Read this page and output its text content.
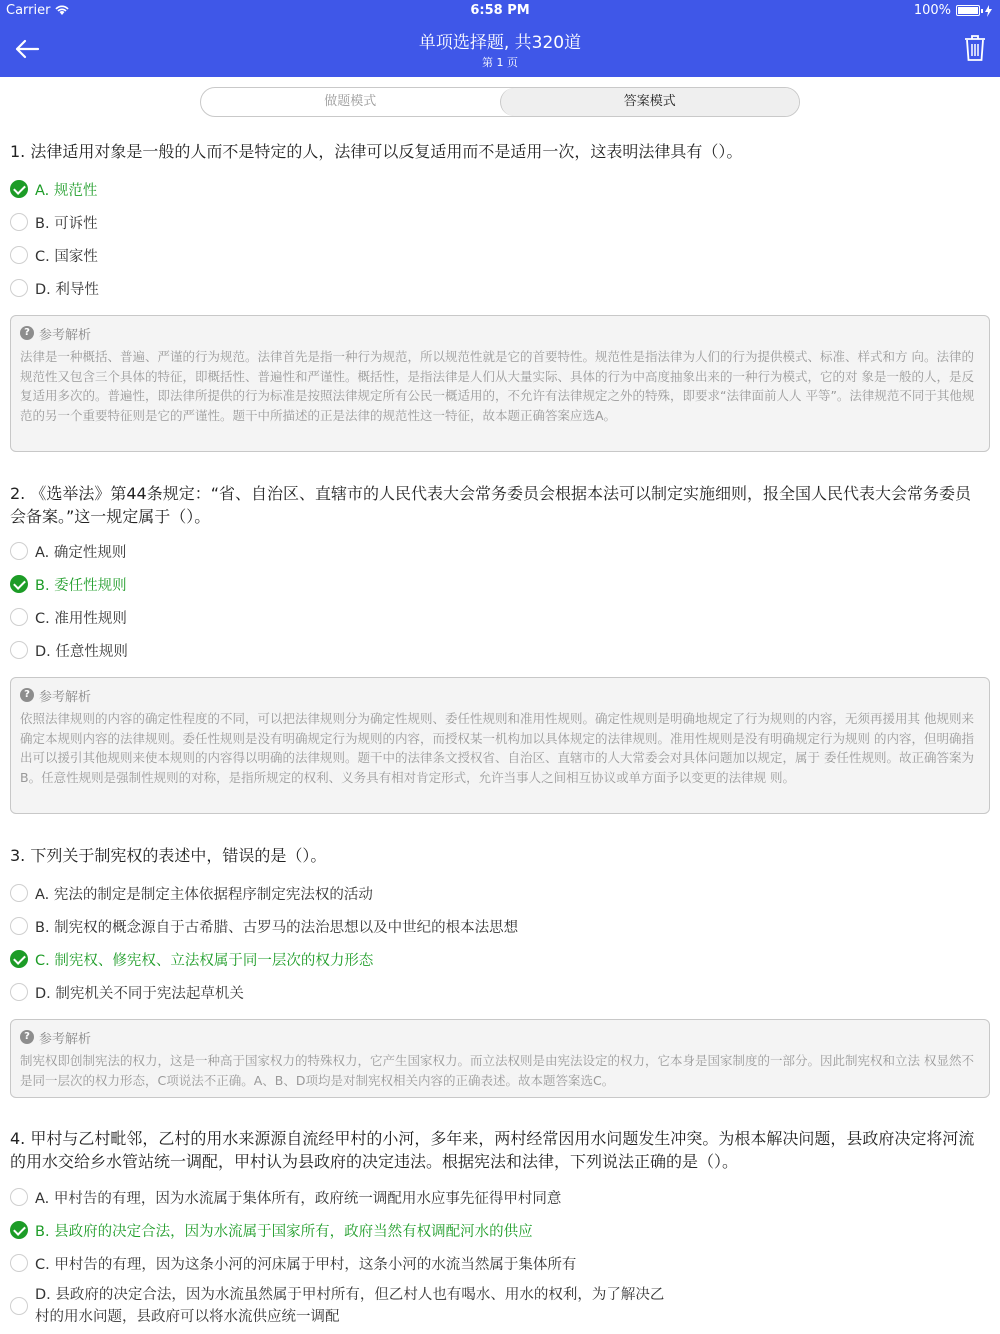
Carrier	6:58 PM	100%
单项选择题, 共320道
第 1 页
做题模式	答案模式
1. 法律适用对象是一般的人而不是特定的人，法律可以反复适用而不是适用一次，这表明法律具有（）。
A. 规范性
B. 可诉性
C. 国家性
D. 利导性
? 参考解析
法律是一种概括、普遍、严谨的行为规范。法律首先是指一种行为规范，所以规范性就是它的首要特性。规范性是指法律为人们的行为提供模式、标准、样式和方 向。法律的规范性又包含三个具体的特征，即概括性、普遍性和严谨性。概括性，是指法律是人们从大量实际、具体的行为中高度抽象出来的一种行为模式，它的对 象是一般的人，是反复适用多次的。普遍性，即法律所提供的行为标准是按照法律规定所有公民一概适用的，不允许有法律规定之外的特殊，即要求“法律面前人人 平等”。法律规范不同于其他规范的另一个重要特征则是它的严谨性。题干中所描述的正是法律的规范性这一特征，故本题正确答案应选A。
2. 《选举法》第44条规定：“省、自治区、直辖市的人民代表大会常务委员会根据本法可以制定实施细则，报全国人民代表大会常务委员会备案。”这一规定属于（）。
A. 确定性规则
B. 委任性规则
C. 准用性规则
D. 任意性规则
? 参考解析
依照法律规则的内容的确定性程度的不同，可以把法律规则分为确定性规则、委任性规则和准用性规则。确定性规则是明确地规定了行为规则的内容，无须再援用其 他规则来确定本规则内容的法律规则。委任性规则是没有明确规定行为规则的内容，而授权某一机构加以具体规定的法律规则。准用性规则是没有明确规定行为规则 的内容，但明确指出可以援引其他规则来使本规则的内容得以明确的法律规则。题干中的法律条文授权省、自治区、直辖市的人大常委会对具体问题加以规定，属于 委任性规则。故正确答案为B。任意性规则是强制性规则的对称，是指所规定的权利、义务具有相对肯定形式，允许当事人之间相互协议或单方面予以变更的法律规 则。
3. 下列关于制宪权的表述中，错误的是（）。
A. 宪法的制定是制定主体依据程序制定宪法权的活动
B. 制宪权的概念源自于古希腊、古罗马的法治思想以及中世纪的根本法思想
C. 制宪权、修宪权、立法权属于同一层次的权力形态
D. 制宪机关不同于宪法起草机关
? 参考解析
制宪权即创制宪法的权力，这是一种高于国家权力的特殊权力，它产生国家权力。而立法权则是由宪法设定的权力，它本身是国家制度的一部分。因此制宪权和立法 权显然不是同一层次的权力形态，C项说法不正确。A、B、D项均是对制宪权相关内容的正确表述。故本题答案选C。
4. 甲村与乙村毗邻，乙村的用水来源源自流经甲村的小河，多年来，两村经常因用水问题发生冲突。为根本解决问题，县政府决定将河流的用水交给乡水管站统一调配，甲村认为县政府的决定违法。根据宪法和法律，下列说法正确的是（）。
A. 甲村告的有理，因为水流属于集体所有，政府统一调配用水应事先征得甲村同意
B. 县政府的决定合法，因为水流属于国家所有，政府当然有权调配河水的供应
C. 甲村告的有理，因为这条小河的河床属于甲村，这条小河的水流当然属于集体所有
D. 县政府的决定合法，因为水流虽然属于甲村所有，但乙村人也有喝水、用水的权利，为了解决乙村的用水问题，县政府可以将水流供应统一调配
